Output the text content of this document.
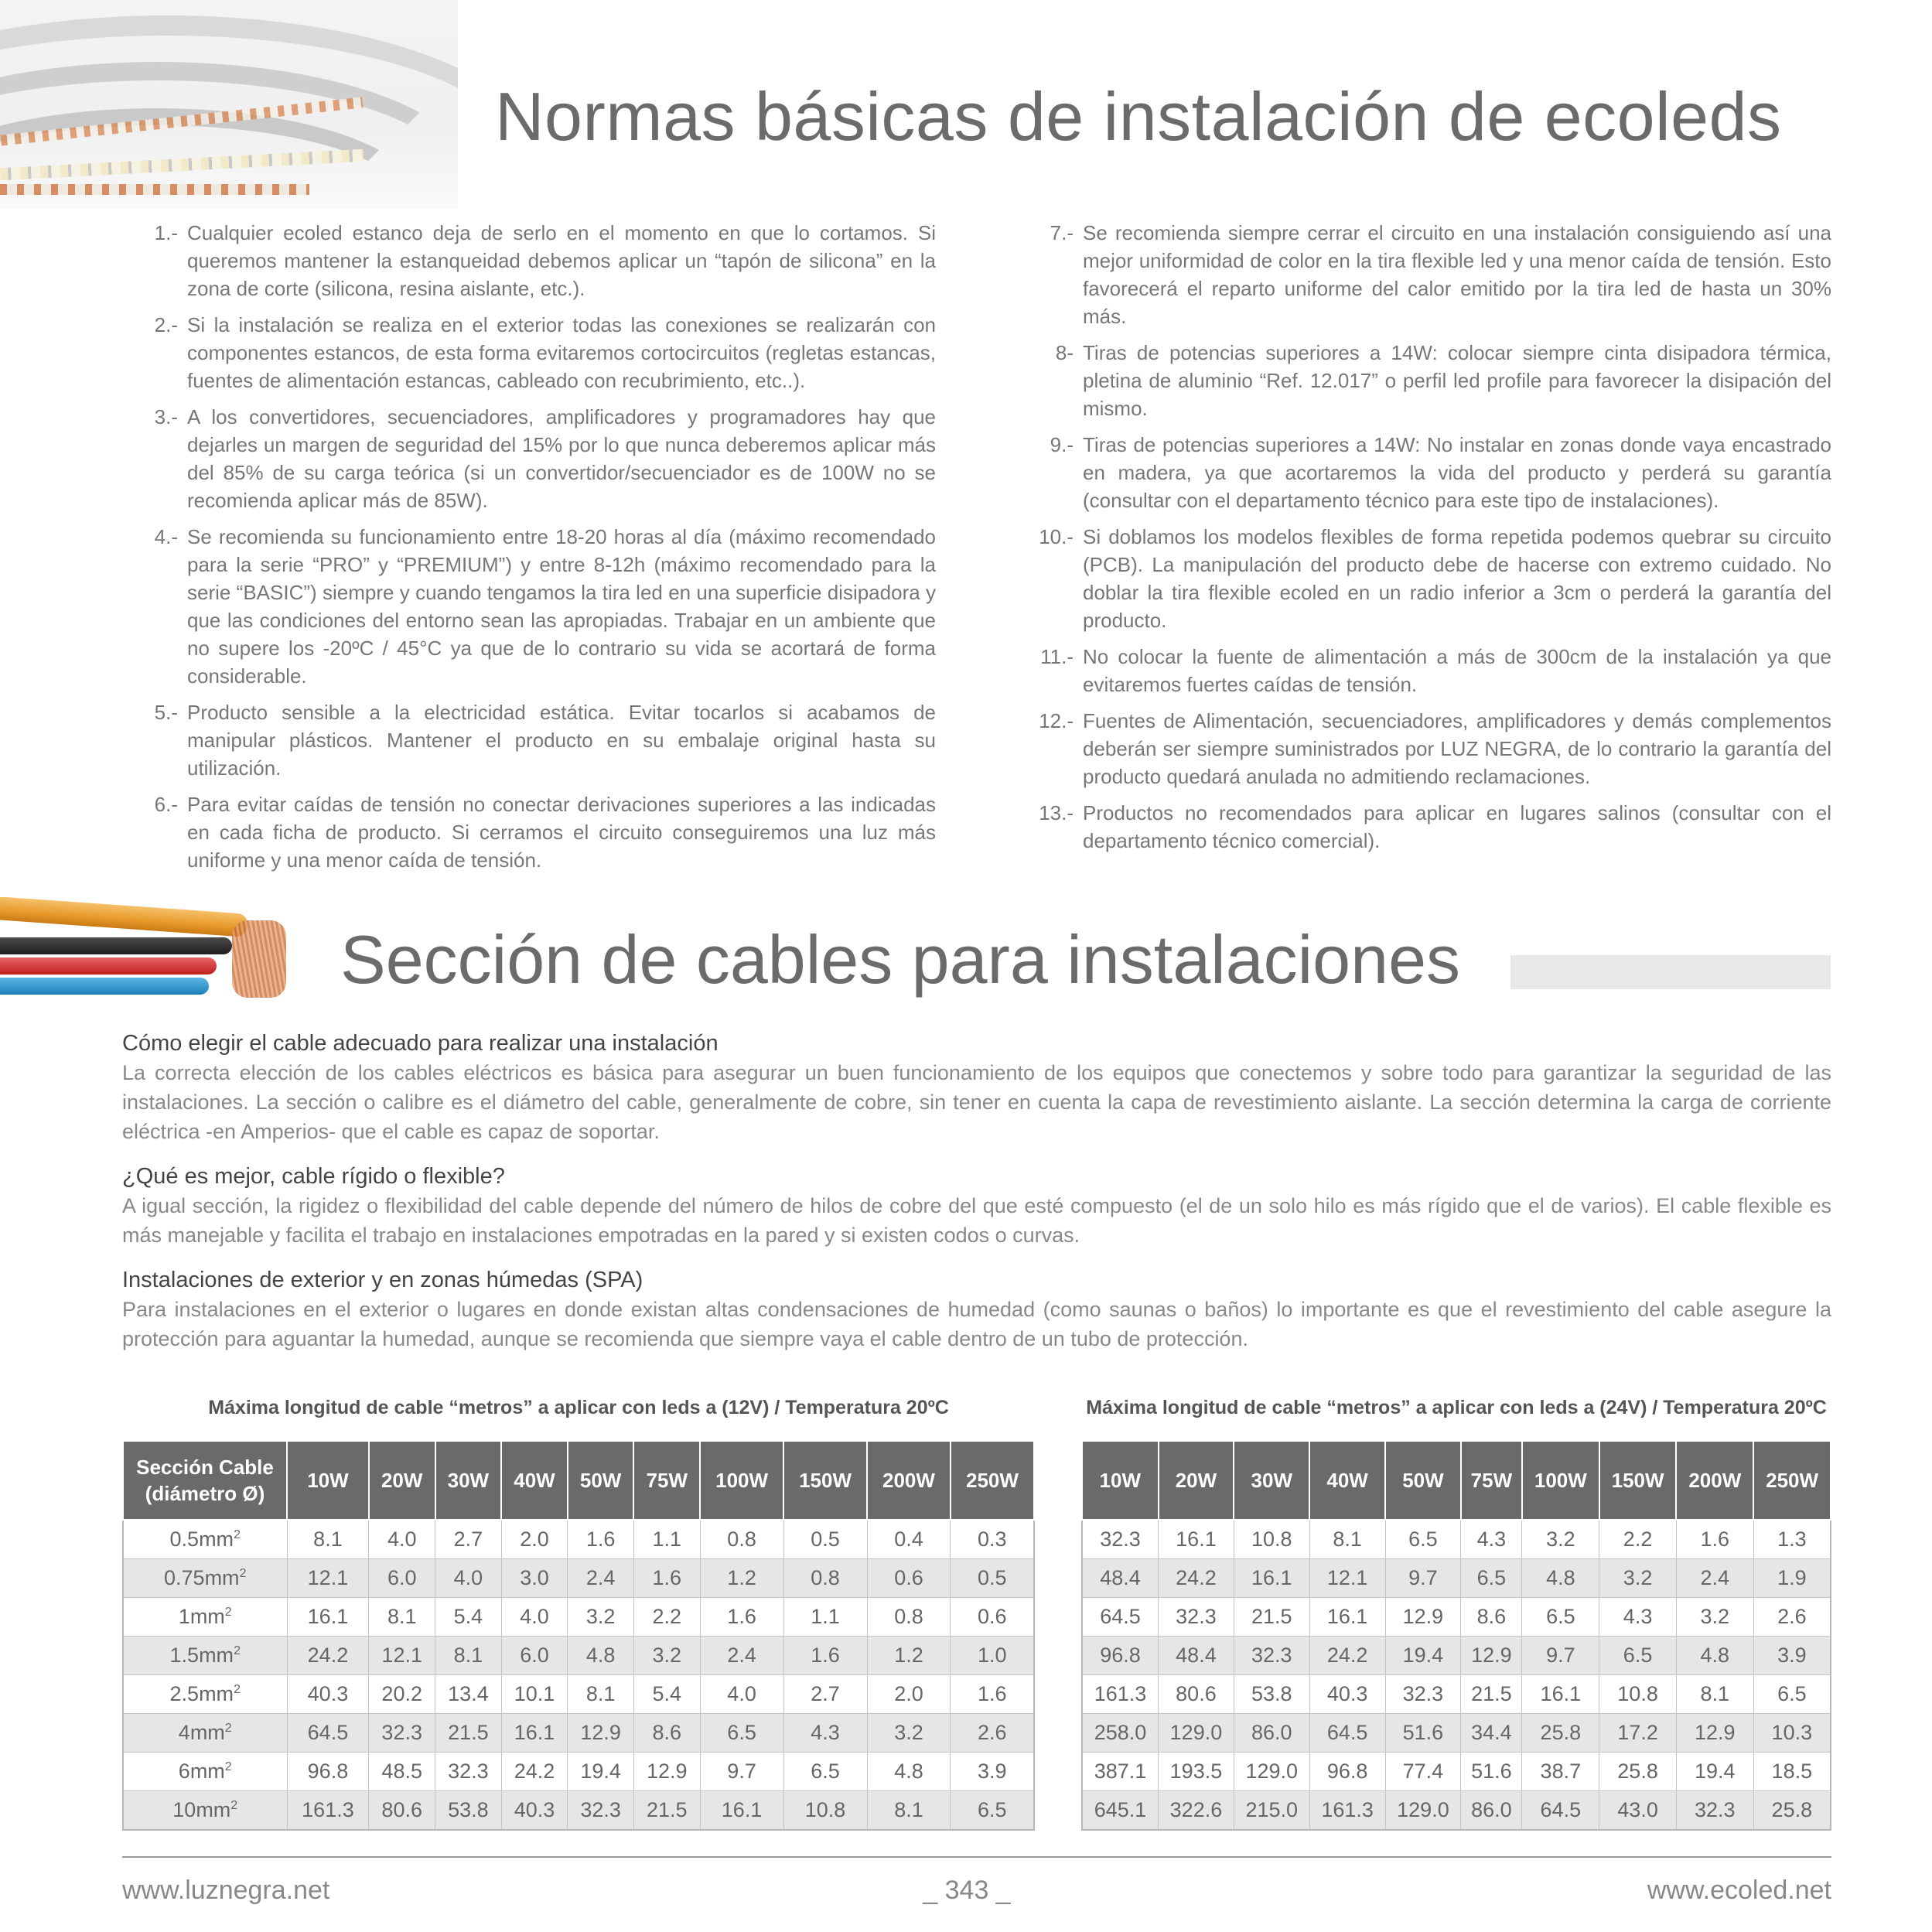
Normas básicas de instalación de ecoleds
1.- Cualquier ecoled estanco deja de serlo en el momento en que lo cortamos. Si queremos mantener la estanqueidad debemos aplicar un “tapón de silicona” en la zona de corte (silicona, resina aislante, etc.).
2.- Si la instalación se realiza en el exterior todas las conexiones se realizarán con componentes estancos, de esta forma evitaremos cortocircuitos (regletas estancas, fuentes de alimentación estancas, cableado con recubrimiento, etc..).
3.- A los convertidores, secuenciadores, amplificadores y programadores hay que dejarles un margen de seguridad del 15% por lo que nunca deberemos aplicar más del 85% de su carga teórica (si un convertidor/secuenciador es de 100W no se recomienda aplicar más de 85W).
4.- Se recomienda su funcionamiento entre 18-20 horas al día (máximo recomendado para la serie “PRO” y “PREMIUM”) y entre 8-12h (máximo recomendado para la serie “BASIC”) siempre y cuando tengamos la tira led en una superficie disipadora y que las condiciones del entorno sean las apropiadas. Trabajar en un ambiente que no supere los -20ºC / 45°C ya que de lo contrario su vida se acortará de forma considerable.
5.- Producto sensible a la electricidad estática. Evitar tocarlos si acabamos de manipular plásticos. Mantener el producto en su embalaje original hasta su utilización.
6.- Para evitar caídas de tensión no conectar derivaciones superiores a las indicadas en cada ficha de producto. Si cerramos el circuito conseguiremos una luz más uniforme y una menor caída de tensión.
7.- Se recomienda siempre cerrar el circuito en una instalación consiguiendo así una mejor uniformidad de color en la tira flexible led y una menor caída de tensión. Esto favorecerá el reparto uniforme del calor emitido por la tira led de hasta un 30% más.
8- Tiras de potencias superiores a 14W: colocar siempre cinta disipadora térmica, pletina de aluminio “Ref. 12.017” o perfil led profile para favorecer la disipación del mismo.
9.- Tiras de potencias superiores a 14W: No instalar en zonas donde vaya encastrado en madera, ya que acortaremos la vida del producto y perderá su garantía (consultar con el departamento técnico para este tipo de instalaciones).
10.- Si doblamos los modelos flexibles de forma repetida podemos quebrar su circuito (PCB). La manipulación del producto debe de hacerse con extremo cuidado. No doblar la tira flexible ecoled en un radio inferior a 3cm o perderá la garantía del producto.
11.- No colocar la fuente de alimentación a más de 300cm de la instalación ya que evitaremos fuertes caídas de tensión.
12.- Fuentes de Alimentación, secuenciadores, amplificadores y demás complementos deberán ser siempre suministrados por LUZ NEGRA, de lo contrario la garantía del producto quedará anulada no admitiendo reclamaciones.
13.- Productos no recomendados para aplicar en lugares salinos (consultar con el departamento técnico comercial).
Sección de cables para instalaciones
Cómo elegir el cable adecuado para realizar una instalación

La correcta elección de los cables eléctricos es básica para asegurar un buen funcionamiento de los equipos que conectemos y sobre todo para garantizar la seguridad de las instalaciones. La sección o calibre es el diámetro del cable, generalmente de cobre, sin tener en cuenta la capa de revestimiento aislante. La sección determina la carga de corriente eléctrica -en Amperios- que el cable es capaz de soportar.

¿Qué es mejor, cable rígido o flexible?

A igual sección, la rigidez o flexibilidad del cable depende del número de hilos de cobre del que esté compuesto (el de un solo hilo es más rígido que el de varios). El cable flexible es más manejable y facilita el trabajo en instalaciones empotradas en la pared y si existen codos o curvas.

Instalaciones de exterior y en zonas húmedas (SPA)

Para instalaciones en el exterior o lugares en donde existan altas condensaciones de humedad (como saunas o baños) lo importante es que el revestimiento del cable asegure la protección para aguantar la humedad, aunque se recomienda que siempre vaya el cable dentro de un tubo de protección.

Máxima longitud de cable “metros” a aplicar con leds a (12V) / Temperatura 20ºC	Máxima longitud de cable “metros” a aplicar con leds a (24V) / Temperatura 20ºC
Sección Cable
(diámetro Ø)	10W	20W	30W	40W	50W	75W	100W	150W	200W	250W
$0.5mm^2$	8.1	4.0	2.7	2.0	1.6	1.1	0.8	0.5	0.4	0.3
$0.75mm^2$	12.1	6.0	4.0	3.0	2.4	1.6	1.2	0.8	0.6	0.5
$1mm^2$	16.1	8.1	5.4	4.0	3.2	2.2	1.6	1.1	0.8	0.6
$1.5mm^2$	24.2	12.1	8.1	6.0	4.8	3.2	2.4	1.6	1.2	1.0
$2.5mm^2$	40.3	20.2	13.4	10.1	8.1	5.4	4.0	2.7	2.0	1.6
$4mm^2$	64.5	32.3	21.5	16.1	12.9	8.6	6.5	4.3	3.2	2.6
$6mm^2$	96.8	48.5	32.3	24.2	19.4	12.9	9.7	6.5	4.8	3.9
$10mm^2$	161.3	80.6	53.8	40.3	32.3	21.5	16.1	10.8	8.1	6.5
10W	20W	30W	40W	50W	75W	100W	150W	200W	250W
32.3	16.1	10.8	8.1	6.5	4.3	3.2	2.2	1.6	1.3
48.4	24.2	16.1	12.1	9.7	6.5	4.8	3.2	2.4	1.9
64.5	32.3	21.5	16.1	12.9	8.6	6.5	4.3	3.2	2.6
96.8	48.4	32.3	24.2	19.4	12.9	9.7	6.5	4.8	3.9
161.3	80.6	53.8	40.3	32.3	21.5	16.1	10.8	8.1	6.5
258.0	129.0	86.0	64.5	51.6	34.4	25.8	17.2	12.9	10.3
387.1	193.5	129.0	96.8	77.4	51.6	38.7	25.8	19.4	18.5
645.1	322.6	215.0	161.3	129.0	86.0	64.5	43.0	32.3	25.8
www.luznegra.net	_ 343 _	www.ecoled.net
